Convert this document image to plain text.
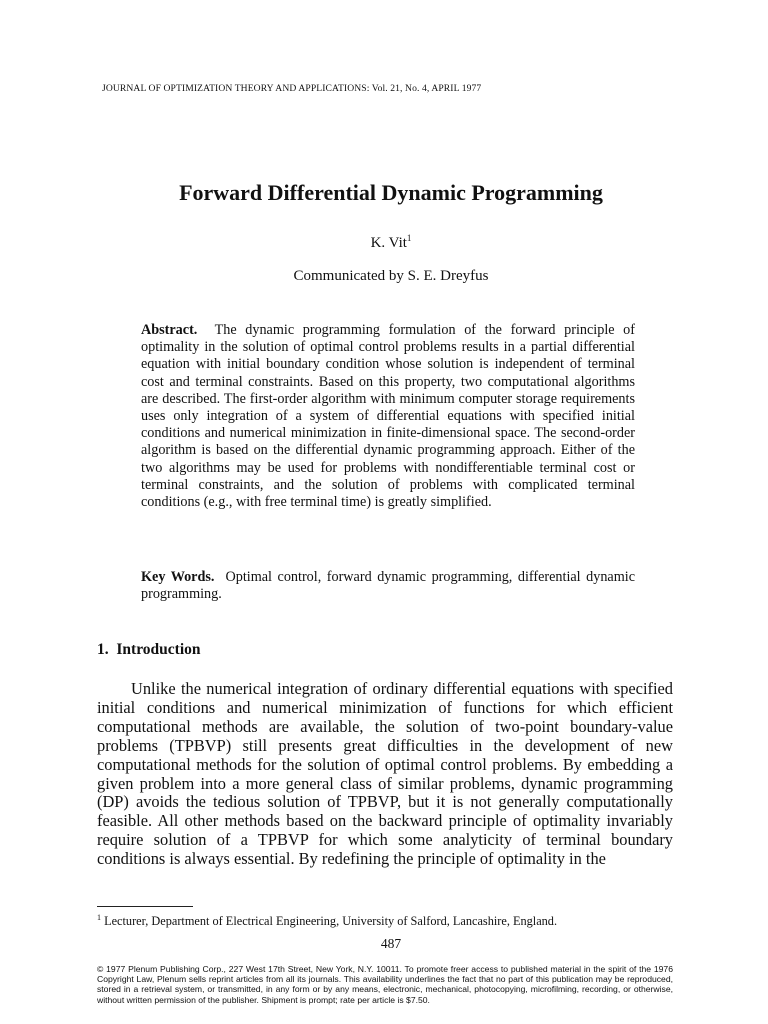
JOURNAL OF OPTIMIZATION THEORY AND APPLICATIONS: Vol. 21, No. 4, APRIL 1977
Forward Differential Dynamic Programming
K. Vit$^1$
Communicated by S. E. Dreyfus
Abstract. The dynamic programming formulation of the forward principle of optimality in the solution of optimal control problems results in a partial differential equation with initial boundary condition whose solution is independent of terminal cost and terminal constraints. Based on this property, two computational algorithms are described. The first-order algorithm with minimum computer storage requirements uses only integration of a system of differential equations with specified initial conditions and numerical minimization in finite-dimensional space. The second-order algorithm is based on the differential dynamic programming approach. Either of the two algorithms may be used for problems with nondifferentiable terminal cost or terminal constraints, and the solution of problems with complicated terminal conditions (e.g., with free terminal time) is greatly simplified.
Key Words. Optimal control, forward dynamic programming, differential dynamic programming.
1. Introduction
Unlike the numerical integration of ordinary differential equations with specified initial conditions and numerical minimization of functions for which efficient computational methods are available, the solution of two-point boundary-value problems (TPBVP) still presents great difficulties in the development of new computational methods for the solution of optimal control problems. By embedding a given problem into a more general class of similar problems, dynamic programming (DP) avoids the tedious solution of TPBVP, but it is not generally computationally feasible. All other methods based on the backward principle of optimality invariably require solution of a TPBVP for which some analyticity of terminal boundary conditions is always essential. By redefining the principle of optimality in the
$^1$ Lecturer, Department of Electrical Engineering, University of Salford, Lancashire, England.
487
© 1977 Plenum Publishing Corp., 227 West 17th Street, New York, N.Y. 10011. To promote freer access to published material in the spirit of the 1976 Copyright Law, Plenum sells reprint articles from all its journals. This availability underlines the fact that no part of this publication may be reproduced, stored in a retrieval system, or transmitted, in any form or by any means, electronic, mechanical, photocopying, microfilming, recording, or otherwise, without written permission of the publisher. Shipment is prompt; rate per article is $7.50.
